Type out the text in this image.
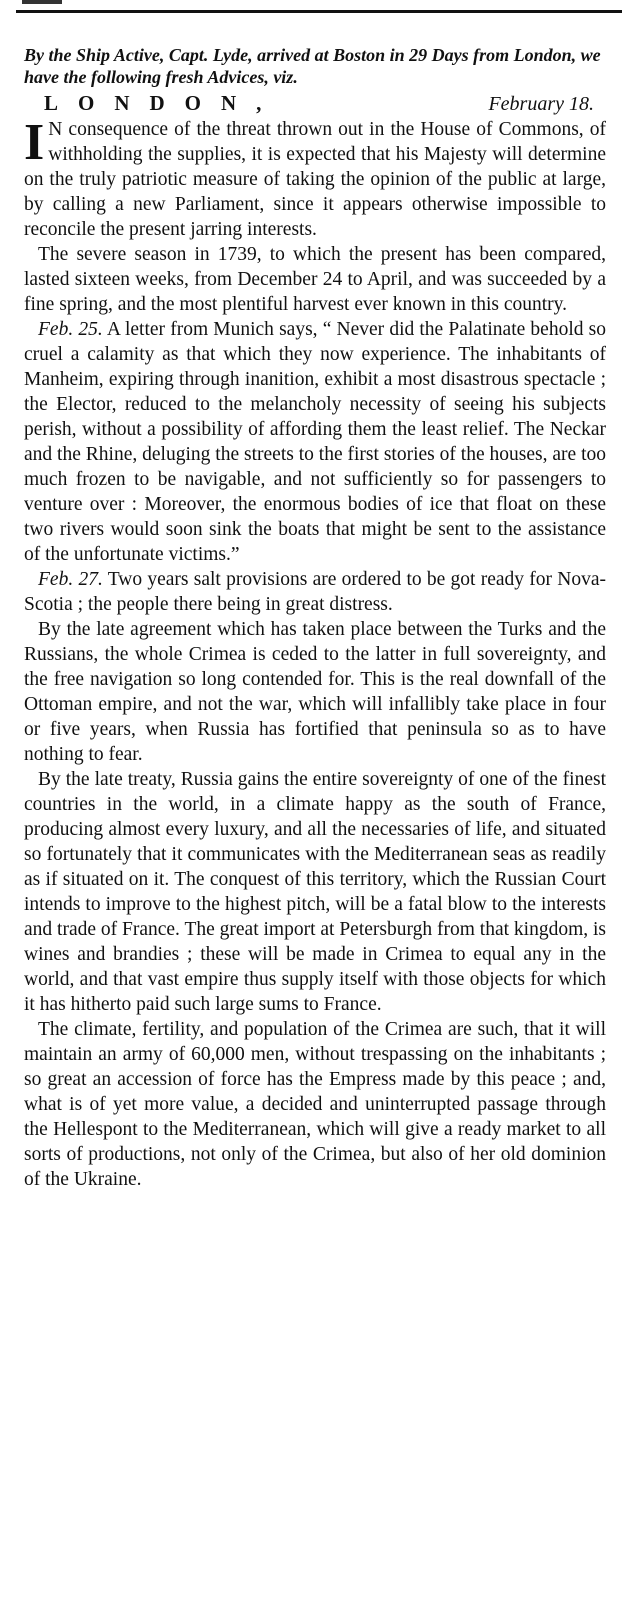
By the Ship Active, Capt. Lyde, arrived at Boston in 29 Days from London, we have the following fresh Advices, viz.

LONDON,	February 18.

I N consequence of the threat thrown out in the House of Commons, of withholding the supplies, it is expected that his Majesty will determine on the truly patriotic measure of taking the opinion of the public at large, by calling a new Parliament, since it appears otherwise impossible to reconcile the present jarring interests.

The severe season in 1739, to which the present has been compared, lasted sixteen weeks, from December 24 to April, and was succeeded by a fine spring, and the most plentiful harvest ever known in this country.

Feb. 25. A letter from Munich says, “ Never did the Palatinate behold so cruel a calamity as that which they now experience. The inhabitants of Manheim, expiring through inanition, exhibit a most disastrous spectacle ; the Elector, reduced to the melancholy necessity of seeing his subjects perish, without a possibility of affording them the least relief. The Neckar and the Rhine, deluging the streets to the first stories of the houses, are too much frozen to be navigable, and not sufficiently so for passengers to venture over : Moreover, the enormous bodies of ice that float on these two rivers would soon sink the boats that might be sent to the assistance of the unfortunate victims.”

Feb. 27. Two years salt provisions are ordered to be got ready for Nova-Scotia ; the people there being in great distress.

By the late agreement which has taken place between the Turks and the Russians, the whole Crimea is ceded to the latter in full sovereignty, and the free navigation so long contended for. This is the real downfall of the Ottoman empire, and not the war, which will infallibly take place in four or five years, when Russia has fortified that peninsula so as to have nothing to fear.

By the late treaty, Russia gains the entire sovereignty of one of the finest countries in the world, in a climate happy as the south of France, producing almost every luxury, and all the necessaries of life, and situated so fortunately that it communicates with the Mediterranean seas as readily as if situated on it. The conquest of this territory, which the Russian Court intends to improve to the highest pitch, will be a fatal blow to the interests and trade of France. The great import at Petersburgh from that kingdom, is wines and brandies ; these will be made in Crimea to equal any in the world, and that vast empire thus supply itself with those objects for which it has hitherto paid such large sums to France.

The climate, fertility, and population of the Crimea are such, that it will maintain an army of 60,000 men, without trespassing on the inhabitants ; so great an accession of force has the Empress made by this peace ; and, what is of yet more value, a decided and uninterrupted passage through the Hellespont to the Mediterranean, which will give a ready market to all sorts of productions, not only of the Crimea, but also of her old dominion of the Ukraine.
